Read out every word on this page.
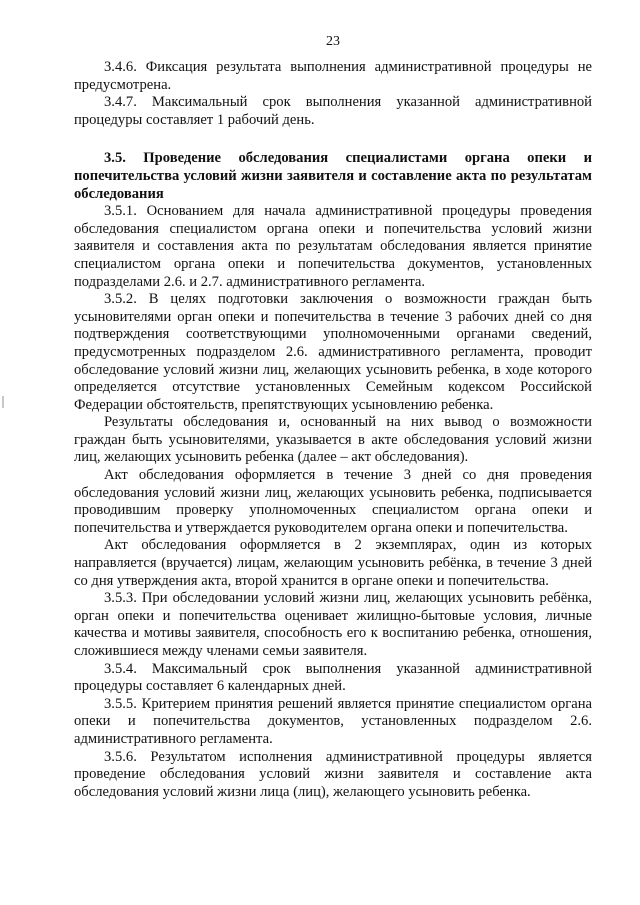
23

3.4.6. Фиксация результата выполнения административной процедуры не предусмотрена.

3.4.7. Максимальный срок выполнения указанной административной процедуры составляет 1 рабочий день.

3.5. Проведение обследования специалистами органа опеки и попечительства условий жизни заявителя и составление акта по результатам обследования

3.5.1. Основанием для начала административной процедуры проведения обследования специалистом органа опеки и попечительства условий жизни заявителя и составления акта по результатам обследования является принятие специалистом органа опеки и попечительства документов, установленных подразделами 2.6. и 2.7. административного регламента.

3.5.2. В целях подготовки заключения о возможности граждан быть усыновителями орган опеки и попечительства в течение 3 рабочих дней со дня подтверждения соответствующими уполномоченными органами сведений, предусмотренных подразделом 2.6. административного регламента, проводит обследование условий жизни лиц, желающих усыновить ребенка, в ходе которого определяется отсутствие установленных Семейным кодексом Российской Федерации обстоятельств, препятствующих усыновлению ребенка.

Результаты обследования и, основанный на них вывод о возможности граждан быть усыновителями, указывается в акте обследования условий жизни лиц, желающих усыновить ребенка (далее – акт обследования).

Акт обследования оформляется в течение 3 дней со дня проведения обследования условий жизни лиц, желающих усыновить ребенка, подписывается проводившим проверку уполномоченных специалистом органа опеки и попечительства и утверждается руководителем органа опеки и попечительства.

Акт обследования оформляется в 2 экземплярах, один из которых направляется (вручается) лицам, желающим усыновить ребёнка, в течение 3 дней со дня утверждения акта, второй хранится в органе опеки и попечительства.

3.5.3. При обследовании условий жизни лиц, желающих усыновить ребёнка, орган опеки и попечительства оценивает жилищно-бытовые условия, личные качества и мотивы заявителя, способность его к воспитанию ребенка, отношения, сложившиеся между членами семьи заявителя.

3.5.4. Максимальный срок выполнения указанной административной процедуры составляет 6 календарных дней.

3.5.5. Критерием принятия решений является принятие специалистом органа опеки и попечительства документов, установленных подразделом 2.6. административного регламента.

3.5.6. Результатом исполнения административной процедуры является проведение обследования условий жизни заявителя и составление акта обследования условий жизни лица (лиц), желающего усыновить ребенка.
